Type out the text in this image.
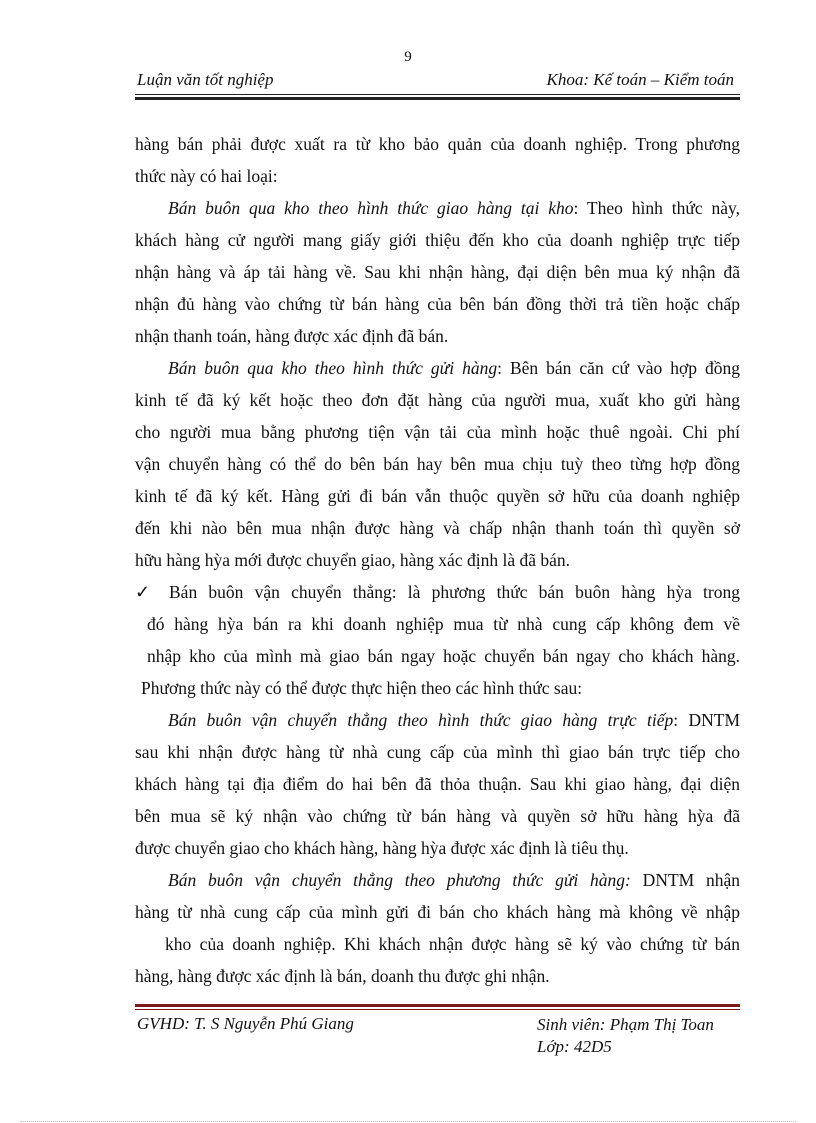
9
Luận văn tốt nghiệp	Khoa: Kế toán – Kiểm toán

hàng bán phải được xuất ra từ kho bảo quản của doanh nghiệp. Trong phương
thức này có hai loại:

Bán buôn qua kho theo hình thức giao hàng tại kho: Theo hình thức này,
khách hàng cử người mang giấy giới thiệu đến kho của doanh nghiệp trực tiếp
nhận hàng và áp tải hàng về. Sau khi nhận hàng, đại diện bên mua ký nhận đã
nhận đủ hàng vào chứng từ bán hàng của bên bán đồng thời trả tiền hoặc chấp
nhận thanh toán, hàng được xác định đã bán.

Bán buôn qua kho theo hình thức gửi hàng: Bên bán căn cứ vào hợp đồng
kinh tế đã ký kết hoặc theo đơn đặt hàng của người mua, xuất kho gửi hàng
cho người mua bằng phương tiện vận tải của mình hoặc thuê ngoài. Chi phí
vận chuyển hàng có thể do bên bán hay bên mua chịu tuỳ theo từng hợp đồng
kinh tế đã ký kết. Hàng gửi đi bán vẫn thuộc quyền sở hữu của doanh nghiệp
đến khi nào bên mua nhận được hàng và chấp nhận thanh toán thì quyền sở
hữu hàng hỳa mới được chuyển giao, hàng xác định là đã bán.

✓ Bán buôn vận chuyển thẳng: là phương thức bán buôn hàng hỳa trong
đó hàng hỳa bán ra khi doanh nghiệp mua từ nhà cung cấp không đem về
nhập kho của mình mà giao bán ngay hoặc chuyển bán ngay cho khách hàng.
Phương thức này có thể được thực hiện theo các hình thức sau:

Bán buôn vận chuyển thẳng theo hình thức giao hàng trực tiếp: DNTM
sau khi nhận được hàng từ nhà cung cấp của mình thì giao bán trực tiếp cho
khách hàng tại địa điểm do hai bên đã thỏa thuận. Sau khi giao hàng, đại diện
bên mua sẽ ký nhận vào chứng từ bán hàng và quyền sở hữu hàng hỳa đã
được chuyển giao cho khách hàng, hàng hỳa được xác định là tiêu thụ.

Bán buôn vận chuyển thẳng theo phương thức gửi hàng: DNTM nhận
hàng từ nhà cung cấp của mình gửi đi bán cho khách hàng mà không về nhập
kho của doanh nghiệp. Khi khách nhận được hàng sẽ ký vào chứng từ bán
hàng, hàng được xác định là bán, doanh thu được ghi nhận.

GVHD: T. S Nguyễn Phú Giang	Sinh viên: Phạm Thị Toan
Lớp: 42D5
